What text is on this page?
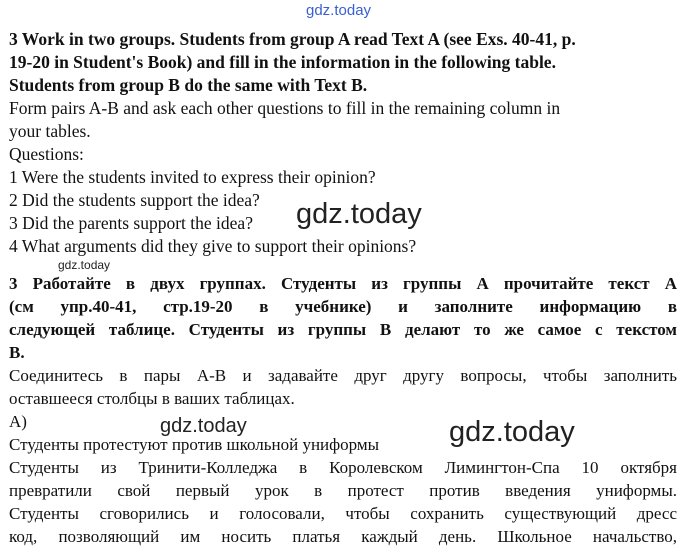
gdz.today
3 Work in two groups. Students from group A read Text A (see Exs. 40-41, p.
19-20 in Student's Book) and fill in the information in the following table.
Students from group B do the same with Text B.
Form pairs A-B and ask each other questions to fill in the remaining column in
your tables.
Questions:
1 Were the students invited to express their opinion?
2 Did the students support the idea?
3 Did the parents support the idea?
4 What arguments did they give to support their opinions?
gdz.today
gdz.today
3 Работайте в двух группах. Студенты из группы А прочитайте текст А
(см упр.40-41, стр.19-20 в учебнике) и заполните информацию в
следующей таблице. Студенты из группы В делают то же самое с текстом
В.
Соединитесь в пары А-В и задавайте друг другу вопросы, чтобы заполнить
оставшееся столбцы в ваших таблицах.
А)
Студенты протестуют против школьной униформы
Студенты из Тринити-Колледжа в Королевском Лимингтон-Спа 10 октября
превратили свой первый урок в протест против введения униформы.
Студенты сговорились и голосовали, чтобы сохранить существующий дресс
код, позволяющий им носить платья каждый день. Школьное начальство,
gdz.today	gdz.today
